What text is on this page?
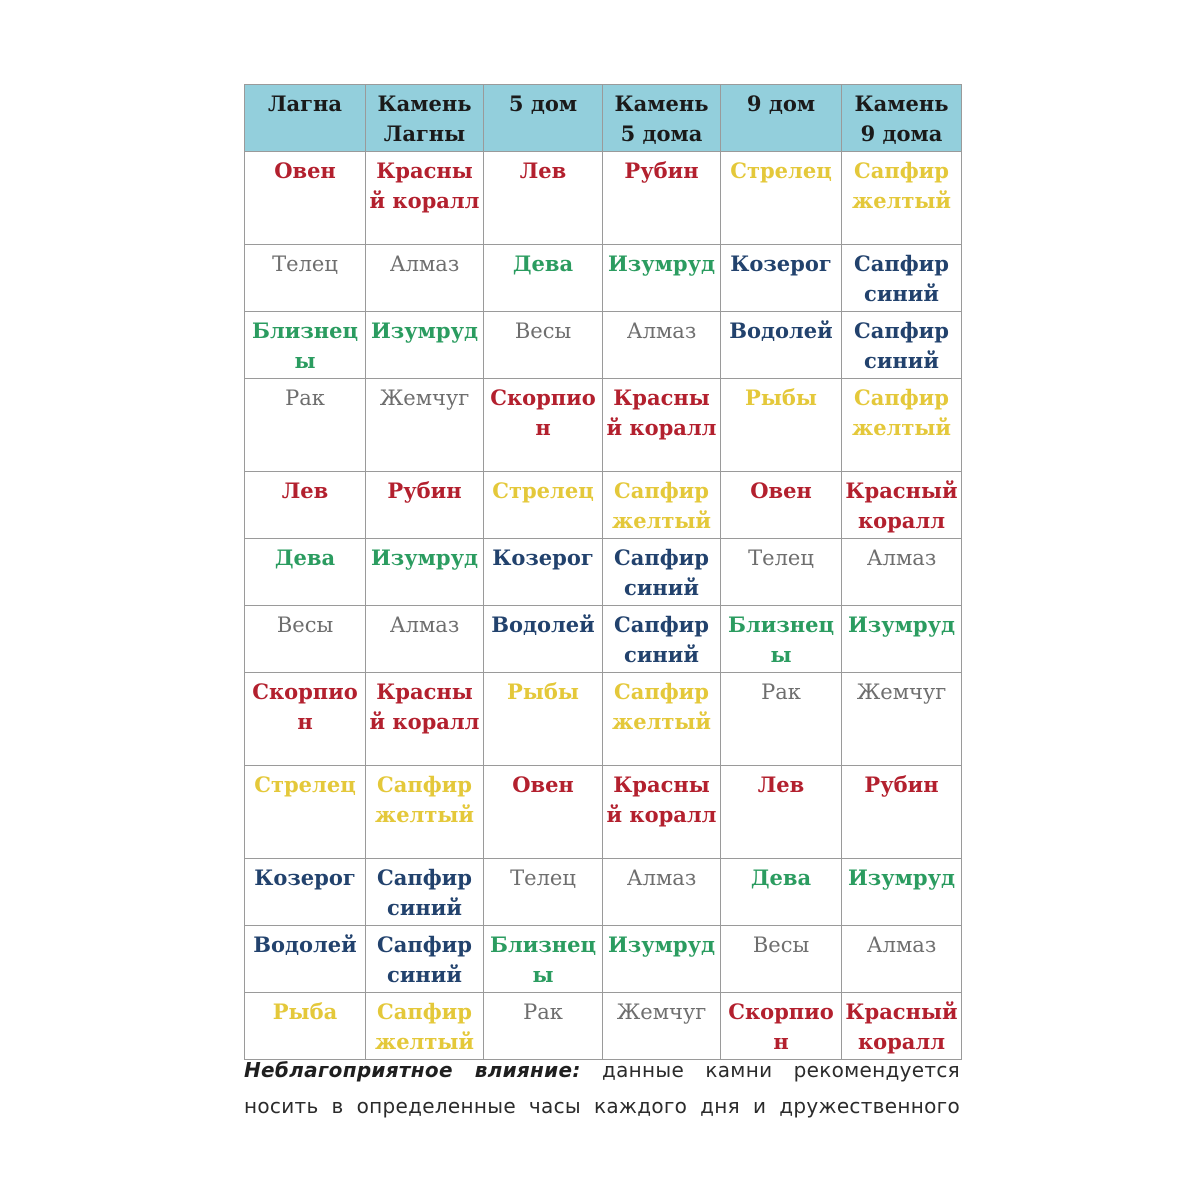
Лагна	Камень Лагны	5 дом	Камень 5 дома	9 дом	Камень 9 дома
Овен	Красный коралл	Лев	Рубин	Стрелец	Сапфир желтый
Телец	Алмаз	Дева	Изумруд	Козерог	Сапфир синий
Близнецы	Изумруд	Весы	Алмаз	Водолей	Сапфир синий
Рак	Жемчуг	Скорпион	Красный коралл	Рыбы	Сапфир желтый
Лев	Рубин	Стрелец	Сапфир желтый	Овен	Красный коралл
Дева	Изумруд	Козерог	Сапфир синий	Телец	Алмаз
Весы	Алмаз	Водолей	Сапфир синий	Близнецы	Изумруд
Скорпион	Красный коралл	Рыбы	Сапфир желтый	Рак	Жемчуг
Стрелец	Сапфир желтый	Овен	Красный коралл	Лев	Рубин
Козерог	Сапфир синий	Телец	Алмаз	Дева	Изумруд
Водолей	Сапфир синий	Близнецы	Изумруд	Весы	Алмаз
Рыба	Сапфир желтый	Рак	Жемчуг	Скорпион	Красный коралл
Неблагоприятное влияние: данные камни рекомендуется
носить в определенные часы каждого дня и дружественного
